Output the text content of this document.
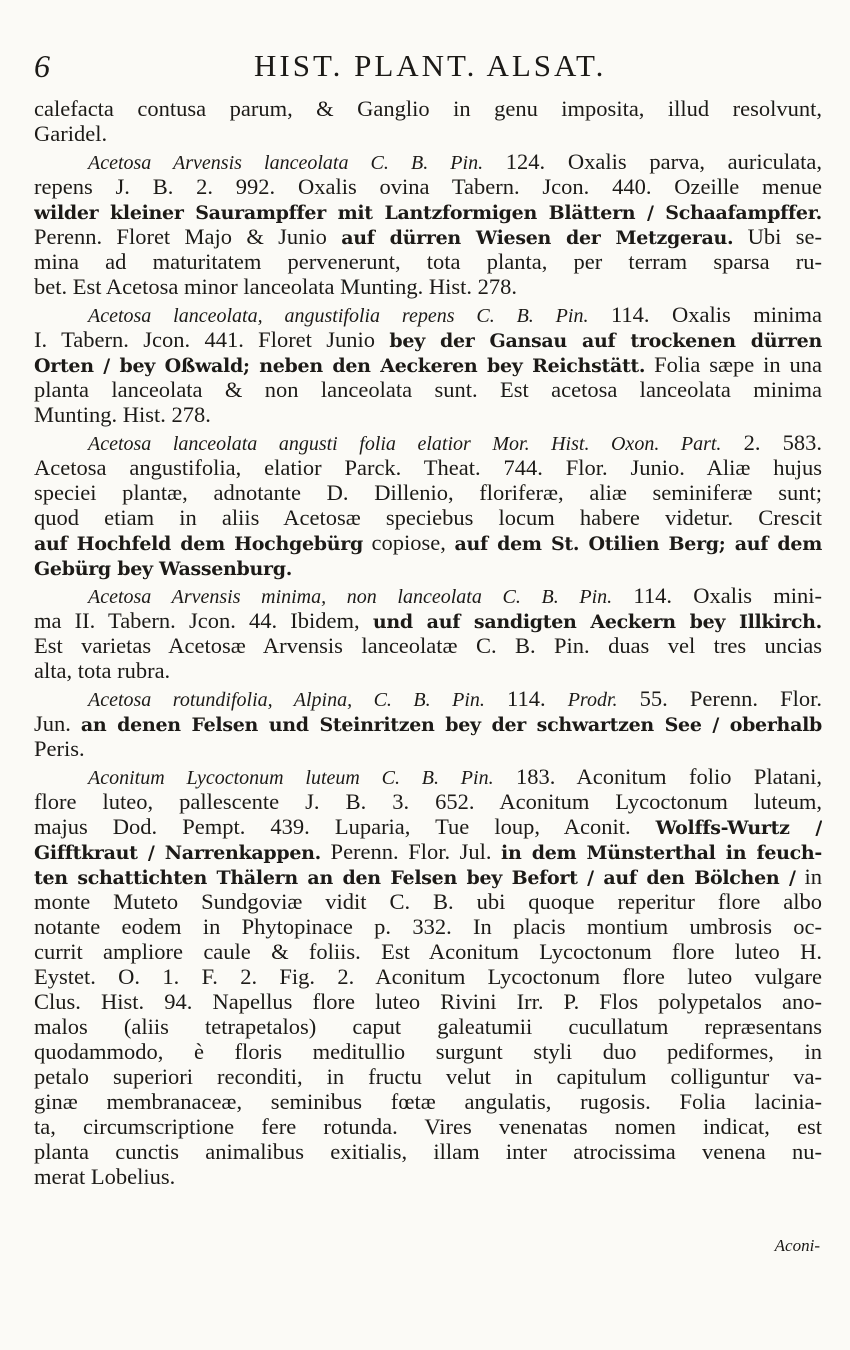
6	HIST. PLANT. ALSAT.
calefacta contusa parum, & Ganglio in genu imposita, illud resolvunt,
Garidel.
Acetosa Arvensis lanceolata C. B. Pin. 124. Oxalis parva, auriculata,
repens J. B. 2. 992. Oxalis ovina Tabern. Jcon. 440. Ozeille menue
wilder kleiner Saurampffer mit Lantzformigen Blättern / Schaafampffer.
Perenn. Floret Majo & Junio auf dürren Wiesen der Metzgerau. Ubi se-
mina ad maturitatem pervenerunt, tota planta, per terram sparsa ru-
bet. Est Acetosa minor lanceolata Munting. Hist. 278.
Acetosa lanceolata, angustifolia repens C. B. Pin. 114. Oxalis minima
I. Tabern. Jcon. 441. Floret Junio bey der Gansau auf trockenen dürren
Orten / bey Oßwald; neben den Aeckeren bey Reichstätt. Folia sæpe in una
planta lanceolata & non lanceolata sunt. Est acetosa lanceolata minima
Munting. Hist. 278.
Acetosa lanceolata angusti folia elatior Mor. Hist. Oxon. Part. 2. 583.
Acetosa angustifolia, elatior Parck. Theat. 744. Flor. Junio. Aliæ hujus
speciei plantæ, adnotante D. Dillenio, floriferæ, aliæ seminiferæ sunt;
quod etiam in aliis Acetosæ speciebus locum habere videtur. Crescit
auf Hochfeld dem Hochgebürg copiose, auf dem St. Otilien Berg; auf dem
Gebürg bey Wassenburg.
Acetosa Arvensis minima, non lanceolata C. B. Pin. 114. Oxalis mini-
ma II. Tabern. Jcon. 44. Ibidem, und auf sandigten Aeckern bey Illkirch.
Est varietas Acetosæ Arvensis lanceolatæ C. B. Pin. duas vel tres uncias
alta, tota rubra.
Acetosa rotundifolia, Alpina, C. B. Pin. 114. Prodr. 55. Perenn. Flor.
Jun. an denen Felsen und Steinritzen bey der schwartzen See / oberhalb
Peris.
Aconitum Lycoctonum luteum C. B. Pin. 183. Aconitum folio Platani,
flore luteo, pallescente J. B. 3. 652. Aconitum Lycoctonum luteum,
majus Dod. Pempt. 439. Luparia, Tue loup, Aconit. Wolffs-Wurtz /
Gifftkraut / Narrenkappen. Perenn. Flor. Jul. in dem Münsterthal in feuch-
ten schattichten Thälern an den Felsen bey Befort / auf den Bölchen / in
monte Muteto Sundgoviæ vidit C. B. ubi quoque reperitur flore albo
notante eodem in Phytopinace p. 332. In placis montium umbrosis oc-
currit ampliore caule & foliis. Est Aconitum Lycoctonum flore luteo H.
Eystet. O. 1. F. 2. Fig. 2. Aconitum Lycoctonum flore luteo vulgare
Clus. Hist. 94. Napellus flore luteo Rivini Irr. P. Flos polypetalos ano-
malos (aliis tetrapetalos) caput galeatumii cucullatum repræsentans
quodammodo, è floris meditullio surgunt styli duo pediformes, in
petalo superiori reconditi, in fructu velut in capitulum colliguntur va-
ginæ membranaceæ, seminibus fœtæ angulatis, rugosis. Folia lacinia-
ta, circumscriptione fere rotunda. Vires venenatas nomen indicat, est
planta cunctis animalibus exitialis, illam inter atrocissima venena nu-
merat Lobelius.
Aconi-
